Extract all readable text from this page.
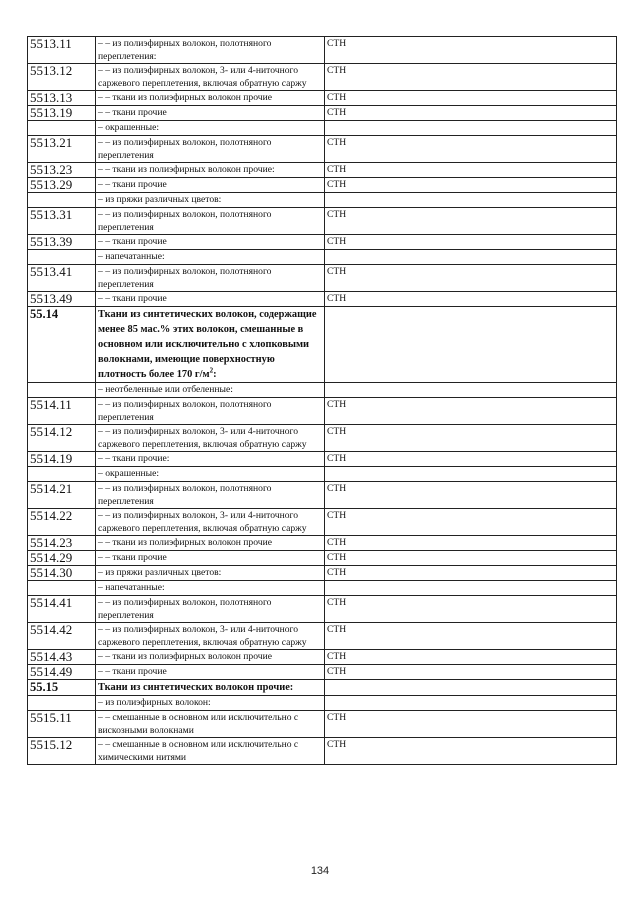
5513.11	– – из полиэфирных волокон, полотняного переплетения:	СТН
5513.12	– – из полиэфирных волокон, 3- или 4-ниточного саржевого переплетения, включая обратную саржу	СТН
5513.13	– – ткани из полиэфирных волокон прочие	СТН
5513.19	– – ткани прочие	СТН
	– окрашенные:	
5513.21	– – из полиэфирных волокон, полотняного переплетения	СТН
5513.23	– – ткани из полиэфирных волокон прочие:	СТН
5513.29	– – ткани прочие	СТН
	– из пряжи различных цветов:	
5513.31	– – из полиэфирных волокон, полотняного переплетения	СТН
5513.39	– – ткани прочие	СТН
	– напечатанные:	
5513.41	– – из полиэфирных волокон, полотняного переплетения	СТН
5513.49	– – ткани прочие	СТН
55.14	Ткани из синтетических волокон, содержащие менее 85 мас.% этих волокон, смешанные в основном или исключительно с хлопковыми волокнами, имеющие поверхностную плотность более 170 $г/м^2$:	
	– неотбеленные или отбеленные:	
5514.11	– – из полиэфирных волокон, полотняного переплетения	СТН
5514.12	– – из полиэфирных волокон, 3- или 4-ниточного саржевого переплетения, включая обратную саржу	СТН
5514.19	– – ткани прочие:	СТН
	– окрашенные:	
5514.21	– – из полиэфирных волокон, полотняного переплетения	СТН
5514.22	– – из полиэфирных волокон, 3- или 4-ниточного саржевого переплетения, включая обратную саржу	СТН
5514.23	– – ткани из полиэфирных волокон прочие	СТН
5514.29	– – ткани прочие	СТН
5514.30	– из пряжи различных цветов:	СТН
	– напечатанные:	
5514.41	– – из полиэфирных волокон, полотняного переплетения	СТН
5514.42	– – из полиэфирных волокон, 3- или 4-ниточного саржевого переплетения, включая обратную саржу	СТН
5514.43	– – ткани из полиэфирных волокон прочие	СТН
5514.49	– – ткани прочие	СТН
55.15	Ткани из синтетических волокон прочие:	
	– из полиэфирных волокон:	
5515.11	– – смешанные в основном или исключительно с вискозными волокнами	СТН
5515.12	– – смешанные в основном или исключительно с химическими нитями	СТН
134
